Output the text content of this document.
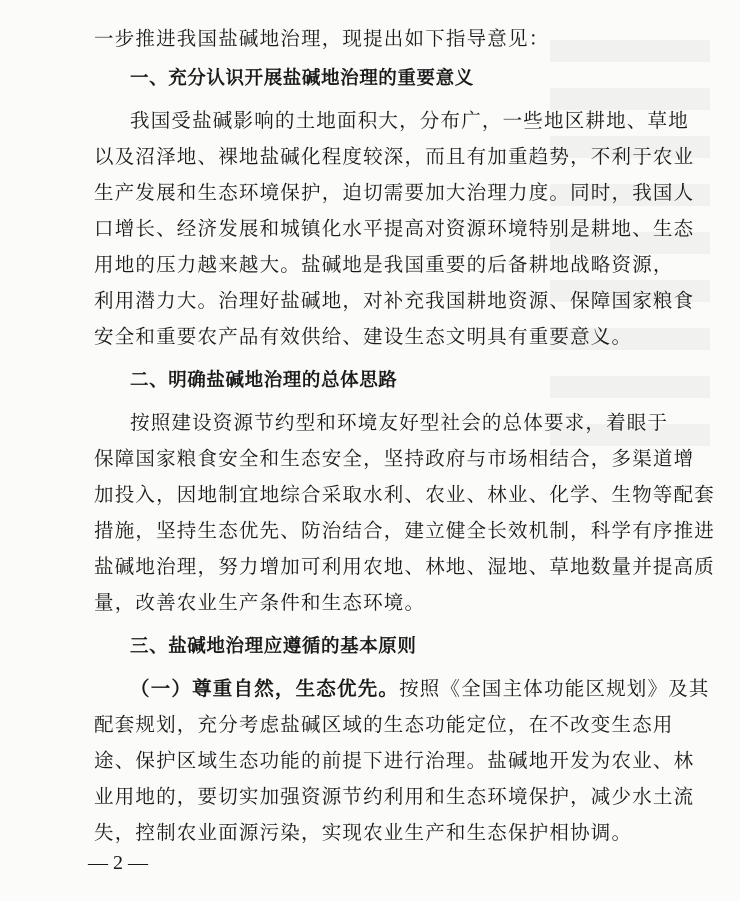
一步推进我国盐碱地治理，现提出如下指导意见：
一、充分认识开展盐碱地治理的重要意义
我国受盐碱影响的土地面积大，分布广，一些地区耕地、草地
以及沼泽地、裸地盐碱化程度较深，而且有加重趋势，不利于农业
生产发展和生态环境保护，迫切需要加大治理力度。同时，我国人
口增长、经济发展和城镇化水平提高对资源环境特别是耕地、生态
用地的压力越来越大。盐碱地是我国重要的后备耕地战略资源，
利用潜力大。治理好盐碱地，对补充我国耕地资源、保障国家粮食
安全和重要农产品有效供给、建设生态文明具有重要意义。
二、明确盐碱地治理的总体思路
按照建设资源节约型和环境友好型社会的总体要求，着眼于
保障国家粮食安全和生态安全，坚持政府与市场相结合，多渠道增
加投入，因地制宜地综合采取水利、农业、林业、化学、生物等配套
措施，坚持生态优先、防治结合，建立健全长效机制，科学有序推进
盐碱地治理，努力增加可利用农地、林地、湿地、草地数量并提高质
量，改善农业生产条件和生态环境。
三、盐碱地治理应遵循的基本原则
（一）尊重自然，生态优先。按照《全国主体功能区规划》及其
配套规划，充分考虑盐碱区域的生态功能定位，在不改变生态用
途、保护区域生态功能的前提下进行治理。盐碱地开发为农业、林
业用地的，要切实加强资源节约利用和生态环境保护，减少水土流
失，控制农业面源污染，实现农业生产和生态保护相协调。
— 2 —
